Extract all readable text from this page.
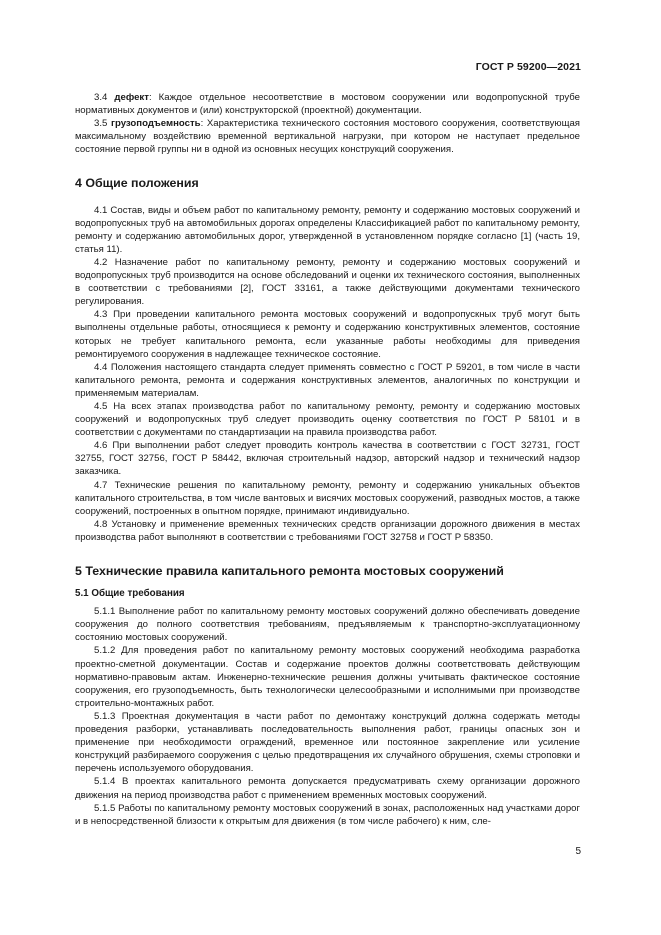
ГОСТ Р 59200—2021

3.4 дефект: Каждое отдельное несоответствие в мостовом сооружении или водопропускной трубе нормативных документов и (или) конструкторской (проектной) документации.

3.5 грузоподъемность: Характеристика технического состояния мостового сооружения, соответствующая максимальному воздействию временной вертикальной нагрузки, при котором не наступает предельное состояние первой группы ни в одной из основных несущих конструкций сооружения.

4 Общие положения

4.1 Состав, виды и объем работ по капитальному ремонту, ремонту и содержанию мостовых сооружений и водопропускных труб на автомобильных дорогах определены Классификацией работ по капитальному ремонту, ремонту и содержанию автомобильных дорог, утвержденной в установленном порядке согласно [1] (часть 19, статья 11).

4.2 Назначение работ по капитальному ремонту, ремонту и содержанию мостовых сооружений и водопропускных труб производится на основе обследований и оценки их технического состояния, выполненных в соответствии с требованиями [2], ГОСТ 33161, а также действующими документами технического регулирования.

4.3 При проведении капитального ремонта мостовых сооружений и водопропускных труб могут быть выполнены отдельные работы, относящиеся к ремонту и содержанию конструктивных элементов, состояние которых не требует капитального ремонта, если указанные работы необходимы для приведения ремонтируемого сооружения в надлежащее техническое состояние.

4.4 Положения настоящего стандарта следует применять совместно с ГОСТ Р 59201, в том числе в части капитального ремонта, ремонта и содержания конструктивных элементов, аналогичных по конструкции и применяемым материалам.

4.5 На всех этапах производства работ по капитальному ремонту, ремонту и содержанию мостовых сооружений и водопропускных труб следует производить оценку соответствия по ГОСТ Р 58101 и в соответствии с документами по стандартизации на правила производства работ.

4.6 При выполнении работ следует проводить контроль качества в соответствии с ГОСТ 32731, ГОСТ 32755, ГОСТ 32756, ГОСТ Р 58442, включая строительный надзор, авторский надзор и технический надзор заказчика.

4.7 Технические решения по капитальному ремонту, ремонту и содержанию уникальных объектов капитального строительства, в том числе вантовых и висячих мостовых сооружений, разводных мостов, а также сооружений, построенных в опытном порядке, принимают индивидуально.

4.8 Установку и применение временных технических средств организации дорожного движения в местах производства работ выполняют в соответствии с требованиями ГОСТ 32758 и ГОСТ Р 58350.

5 Технические правила капитального ремонта мостовых сооружений
5.1 Общие требования

5.1.1 Выполнение работ по капитальному ремонту мостовых сооружений должно обеспечивать доведение сооружения до полного соответствия требованиям, предъявляемым к транспортно-эксплуатационному состоянию мостовых сооружений.

5.1.2 Для проведения работ по капитальному ремонту мостовых сооружений необходима разработка проектно-сметной документации. Состав и содержание проектов должны соответствовать действующим нормативно-правовым актам. Инженерно-технические решения должны учитывать фактическое состояние сооружения, его грузоподъемность, быть технологически целесообразными и исполнимыми при производстве строительно-монтажных работ.

5.1.3 Проектная документация в части работ по демонтажу конструкций должна содержать методы проведения разборки, устанавливать последовательность выполнения работ, границы опасных зон и применение при необходимости ограждений, временное или постоянное закрепление или усиление конструкций разбираемого сооружения с целью предотвращения их случайного обрушения, схемы строповки и перечень используемого оборудования.

5.1.4 В проектах капитального ремонта допускается предусматривать схему организации дорожного движения на период производства работ с применением временных мостовых сооружений.

5.1.5 Работы по капитальному ремонту мостовых сооружений в зонах, расположенных над участками дорог и в непосредственной близости к открытым для движения (в том числе рабочего) к ним, сле-

5
